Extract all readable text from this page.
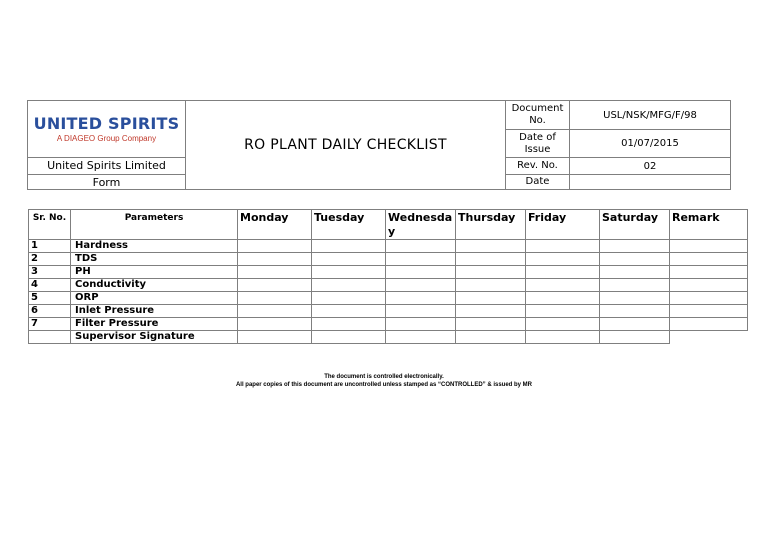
UNITED SPIRITS
A DIAGEO Group Company
United Spirits Limited
Form
RO PLANT DAILY CHECKLIST
Document No.	USL/NSK/MFG/F/98
Date of Issue	01/07/2015
Rev. No.	02
Date
Sr. No.	Parameters	Monday	Tuesday	Wednesday	Thursday	Friday	Saturday	Remark
1	Hardness							
2	TDS							
3	PH							
4	Conductivity							
5	ORP							
6	Inlet Pressure							
7	Filter Pressure							
	Supervisor Signature							
The document is controlled electronically.
All paper copies of this document are uncontrolled unless stamped as “CONTROLLED” & issued by MR
